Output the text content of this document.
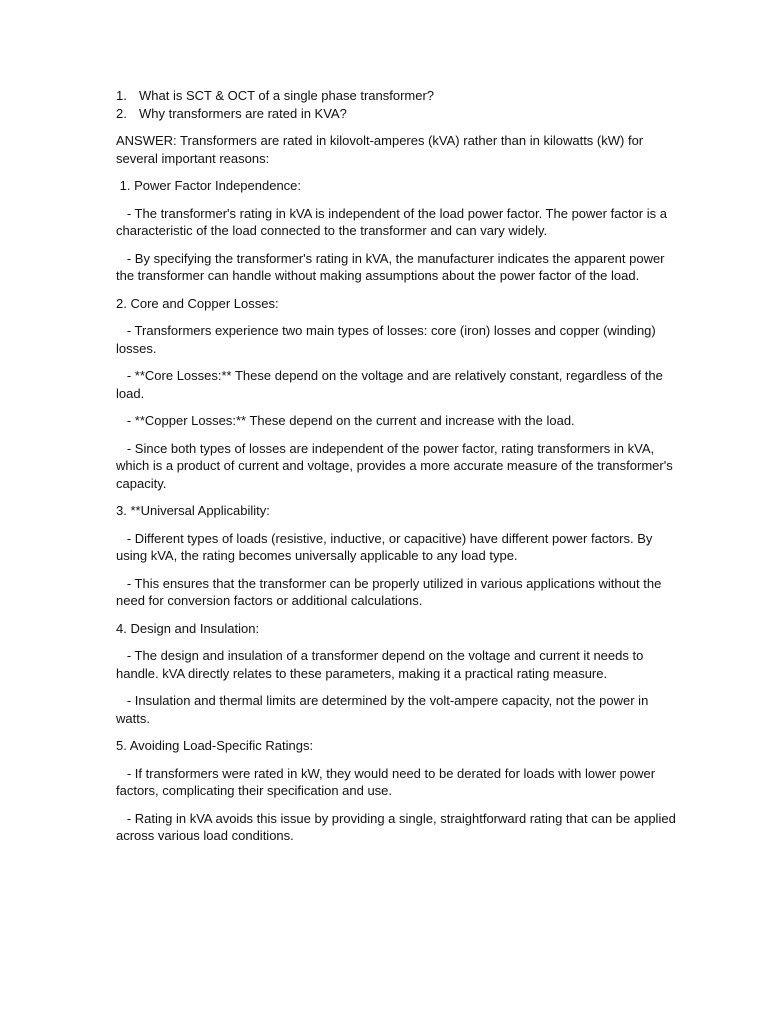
1. What is SCT & OCT of a single phase transformer?
2. Why transformers are rated in KVA?

ANSWER: Transformers are rated in kilovolt-amperes (kVA) rather than in kilowatts (kW) for several important reasons:

1. Power Factor Independence:

- The transformer's rating in kVA is independent of the load power factor. The power factor is a characteristic of the load connected to the transformer and can vary widely.

- By specifying the transformer's rating in kVA, the manufacturer indicates the apparent power the transformer can handle without making assumptions about the power factor of the load.

2. Core and Copper Losses:

- Transformers experience two main types of losses: core (iron) losses and copper (winding) losses.

- **Core Losses:** These depend on the voltage and are relatively constant, regardless of the load.

- **Copper Losses:** These depend on the current and increase with the load.

- Since both types of losses are independent of the power factor, rating transformers in kVA, which is a product of current and voltage, provides a more accurate measure of the transformer's capacity.

3. **Universal Applicability:

- Different types of loads (resistive, inductive, or capacitive) have different power factors. By using kVA, the rating becomes universally applicable to any load type.

- This ensures that the transformer can be properly utilized in various applications without the need for conversion factors or additional calculations.

4. Design and Insulation:

- The design and insulation of a transformer depend on the voltage and current it needs to handle. kVA directly relates to these parameters, making it a practical rating measure.

- Insulation and thermal limits are determined by the volt-ampere capacity, not the power in watts.

5. Avoiding Load-Specific Ratings:

- If transformers were rated in kW, they would need to be derated for loads with lower power factors, complicating their specification and use.

- Rating in kVA avoids this issue by providing a single, straightforward rating that can be applied across various load conditions.
